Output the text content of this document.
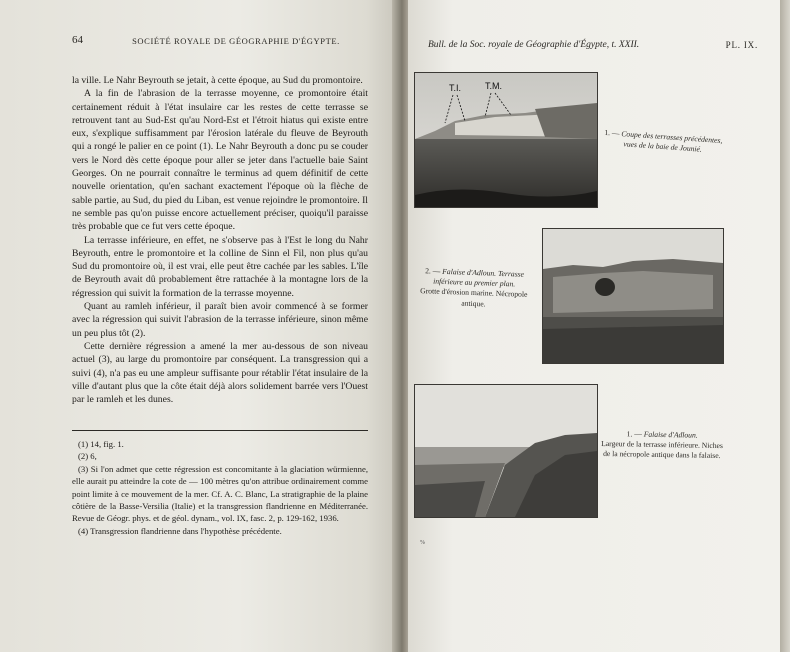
64	SOCIÉTÉ ROYALE DE GÉOGRAPHIE D'ÉGYPTE.

la ville. Le Nahr Beyrouth se jetait, à cette époque, au Sud du promontoire.

A la fin de l'abrasion de la terrasse moyenne, ce promontoire était certainement réduit à l'état insulaire car les restes de cette terrasse se retrouvent tant au Sud-Est qu'au Nord-Est et l'étroit hiatus qui existe entre eux, s'explique suffisamment par l'érosion latérale du fleuve de Beyrouth qui a rongé le palier en ce point (1). Le Nahr Beyrouth a donc pu se couder vers le Nord dès cette époque pour aller se jeter dans l'actuelle baie Saint Georges. On ne pourrait connaître le terminus ad quem définitif de cette nouvelle orientation, qu'en sachant exactement l'époque où la flèche de sable partie, au Sud, du pied du Liban, est venue rejoindre le promontoire. Il ne semble pas qu'on puisse encore actuellement préciser, quoiqu'il paraisse très probable que ce fut vers cette époque.

La terrasse inférieure, en effet, ne s'observe pas à l'Est le long du Nahr Beyrouth, entre le promontoire et la colline de Sinn el Fil, non plus qu'au Sud du promontoire où, il est vrai, elle peut être cachée par les sables. L'île de Beyrouth avait dû probablement être rattachée à la montagne lors de la régression qui suivit la formation de la terrasse moyenne.

Quant au ramleh inférieur, il paraît bien avoir commencé à se former avec la régression qui suivit l'abrasion de la terrasse inférieure, sinon même un peu plus tôt (2).

Cette dernière régression a amené la mer au-dessous de son niveau actuel (3), au large du promontoire par conséquent. La transgression qui a suivi (4), n'a pas eu une ampleur suffisante pour rétablir l'état insulaire de la ville d'autant plus que la côte était déjà alors solidement barrée vers l'Ouest par le ramleh et les dunes.

(1) 14, fig. 1.
(2) 6,
(3) Si l'on admet que cette régression est concomitante à la glaciation würmienne, elle aurait pu atteindre la cote de — 100 mètres qu'on attribue ordinairement comme point limite à ce mouvement de la mer. Cf. A. C. Blanc, La stratigraphie de la plaine côtière de la Basse-Versilia (Italie) et la transgression flandrienne en Méditerranée. Revue de Géogr. phys. et de géol. dynam., vol. IX, fasc. 2, p. 129-162, 1936.
(4) Transgression flandrienne dans l'hypothèse précédente.
Bull. de la Soc. royale de Géographie d'Égypte, t. XXII.	PL. IX.
T.I.	T.M.
1. — Coupe des terrasses précédentes, vues de la baie de Jounié.
2. — Falaise d'Adloun. Terrasse inférieure au premier plan.
Grotte d'érosion marine. Nécropole antique.
1. — Falaise d'Adloun.
Largeur de la terrasse inférieure. Niches de la nécropole antique dans la falaise.
%
